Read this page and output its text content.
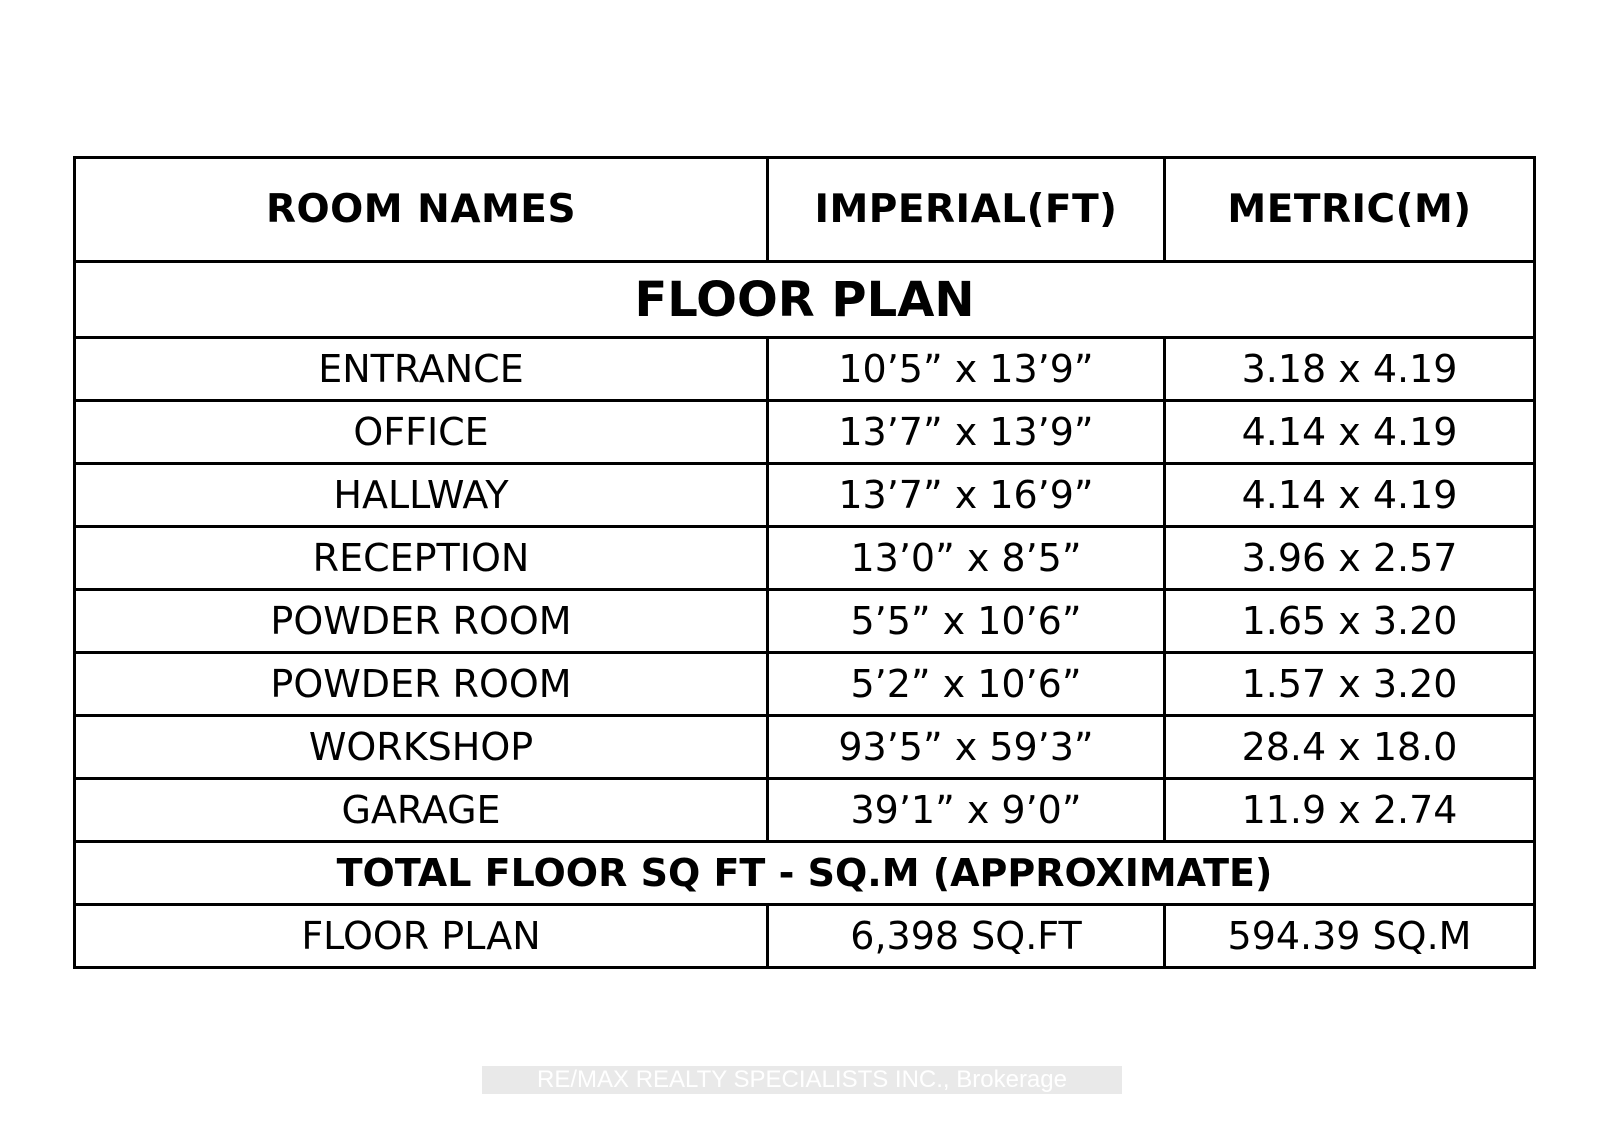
ROOM NAMES	IMPERIAL(FT)	METRIC(M)
FLOOR PLAN		
ENTRANCE	10’5” x 13’9”	3.18 x 4.19
OFFICE	13’7” x 13’9”	4.14 x 4.19
HALLWAY	13’7” x 16’9”	4.14 x 4.19
RECEPTION	13’0” x 8’5”	3.96 x 2.57
POWDER ROOM	5’5” x 10’6”	1.65 x 3.20
POWDER ROOM	5’2” x 10’6”	1.57 x 3.20
WORKSHOP	93’5” x 59’3”	28.4 x 18.0
GARAGE	39’1” x 9’0”	11.9 x 2.74
TOTAL FLOOR SQ FT - SQ.M (APPROXIMATE)		
FLOOR PLAN	6,398 SQ.FT	594.39 SQ.M
RE/MAX REALTY SPECIALISTS INC., Brokerage
